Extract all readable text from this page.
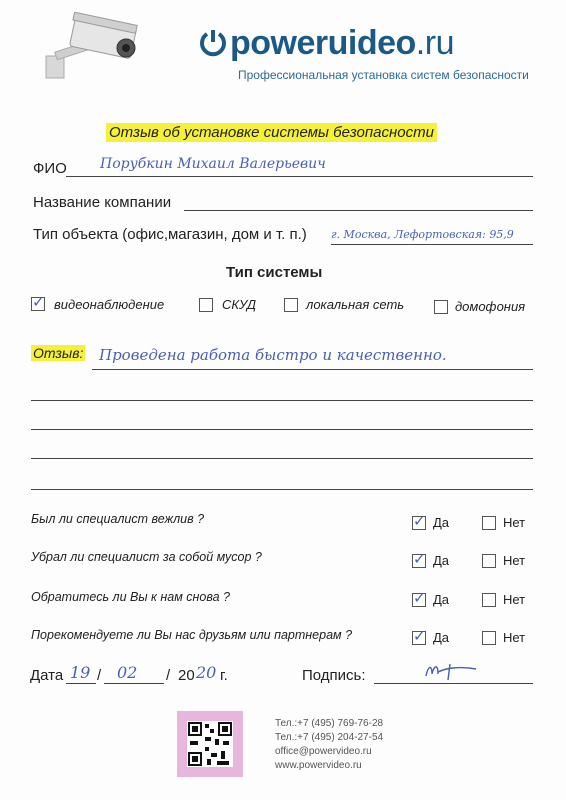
poweruideo.ru
Профессиональная установка систем безопасности
Отзыв об установке системы безопасности
ФИО Порубкин Михаил Валерьевич
Название компании
Тип объекта (офис,магазин, дом и т. п.) г. Москва, Лефортовская: 95,9
Тип системы
✓ видеонаблюдение	СКУД	локальная сеть	домофония
Отзыв: Проведена работа быстро и качественно.
Был ли специалист вежлив ?	✓ Да	Нет
Убрал ли специалист за собой мусор ?	✓ Да	Нет
Обратитесь ли Вы к нам снова ?	✓ Да	Нет
Порекомендуете ли Вы нас друзьям или партнерам ?	✓ Да	Нет
Дата 19 / 02 / 20 20 г.	Подпись:
Тел.:+7 (495) 769-76-28
Тел.:+7 (495) 204-27-54
office@powervideo.ru
www.powervideo.ru
